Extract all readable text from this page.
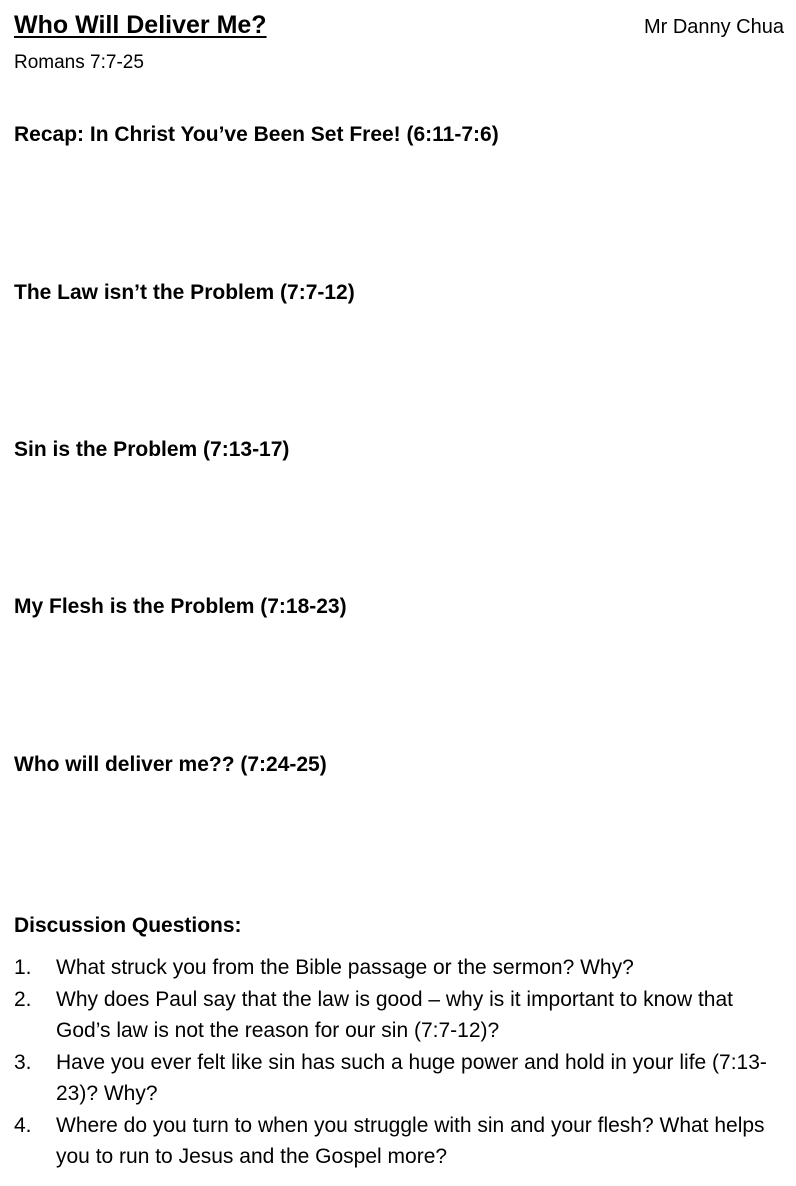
Who Will Deliver Me?	Mr Danny Chua
Romans 7:7-25
Recap: In Christ You’ve Been Set Free! (6:11-7:6)
The Law isn’t the Problem (7:7-12)
Sin is the Problem (7:13-17)
My Flesh is the Problem (7:18-23)
Who will deliver me?? (7:24-25)
Discussion Questions:
1. What struck you from the Bible passage or the sermon? Why?
2. Why does Paul say that the law is good – why is it important to know that God’s law is not the reason for our sin (7:7-12)?
3. Have you ever felt like sin has such a huge power and hold in your life (7:13-23)? Why?
4. Where do you turn to when you struggle with sin and your flesh? What helps you to run to Jesus and the Gospel more?
